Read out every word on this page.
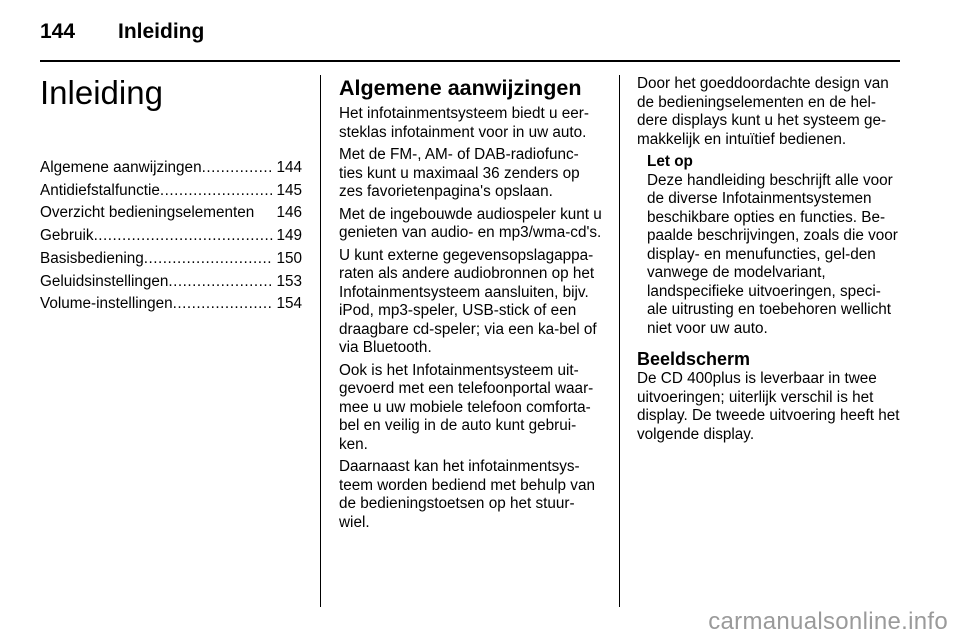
144 Inleiding
Inleiding
Algemene aanwijzingen .....	144
Antidiefstalfunctie .....	145
Overzicht bedieningselementen	146
Gebruik .....	149
Basisbediening .....	150
Geluidsinstellingen .....	153
Volume-instellingen .....	154
Algemene aanwijzingen

Het infotainmentsysteem biedt u eer-steklas infotainment voor in uw auto.

Met de FM-, AM- of DAB-radiofunc-ties kunt u maximaal 36 zenders op zes favorietenpagina's opslaan.

Met de ingebouwde audiospeler kunt u genieten van audio- en mp3/wma-cd's.

U kunt externe gegevensopslagappa-raten als andere audiobronnen op het Infotainmentsysteem aansluiten, bijv. iPod, mp3-speler, USB-stick of een draagbare cd-speler; via een ka-bel of via Bluetooth.

Ook is het Infotainmentsysteem uit-gevoerd met een telefoonportal waar-mee u uw mobiele telefoon comforta-bel en veilig in de auto kunt gebrui-ken.

Daarnaast kan het infotainmentsys-teem worden bediend met behulp van de bedieningstoetsen op het stuur-wiel.

Door het goeddoordachte design van de bedieningselementen en de hel-dere displays kunt u het systeem ge-makkelijk en intuïtief bedienen.

Let op

Deze handleiding beschrijft alle voor de diverse Infotainmentsystemen beschikbare opties en functies. Be-paalde beschrijvingen, zoals die voor display- en menufuncties, gel-den vanwege de modelvariant, landspecifieke uitvoeringen, speci-ale uitrusting en toebehoren wellicht niet voor uw auto.

Beeldscherm

De CD 400plus is leverbaar in twee uitvoeringen; uiterlijk verschil is het display. De tweede uitvoering heeft het volgende display.

carmanualsonline.info
